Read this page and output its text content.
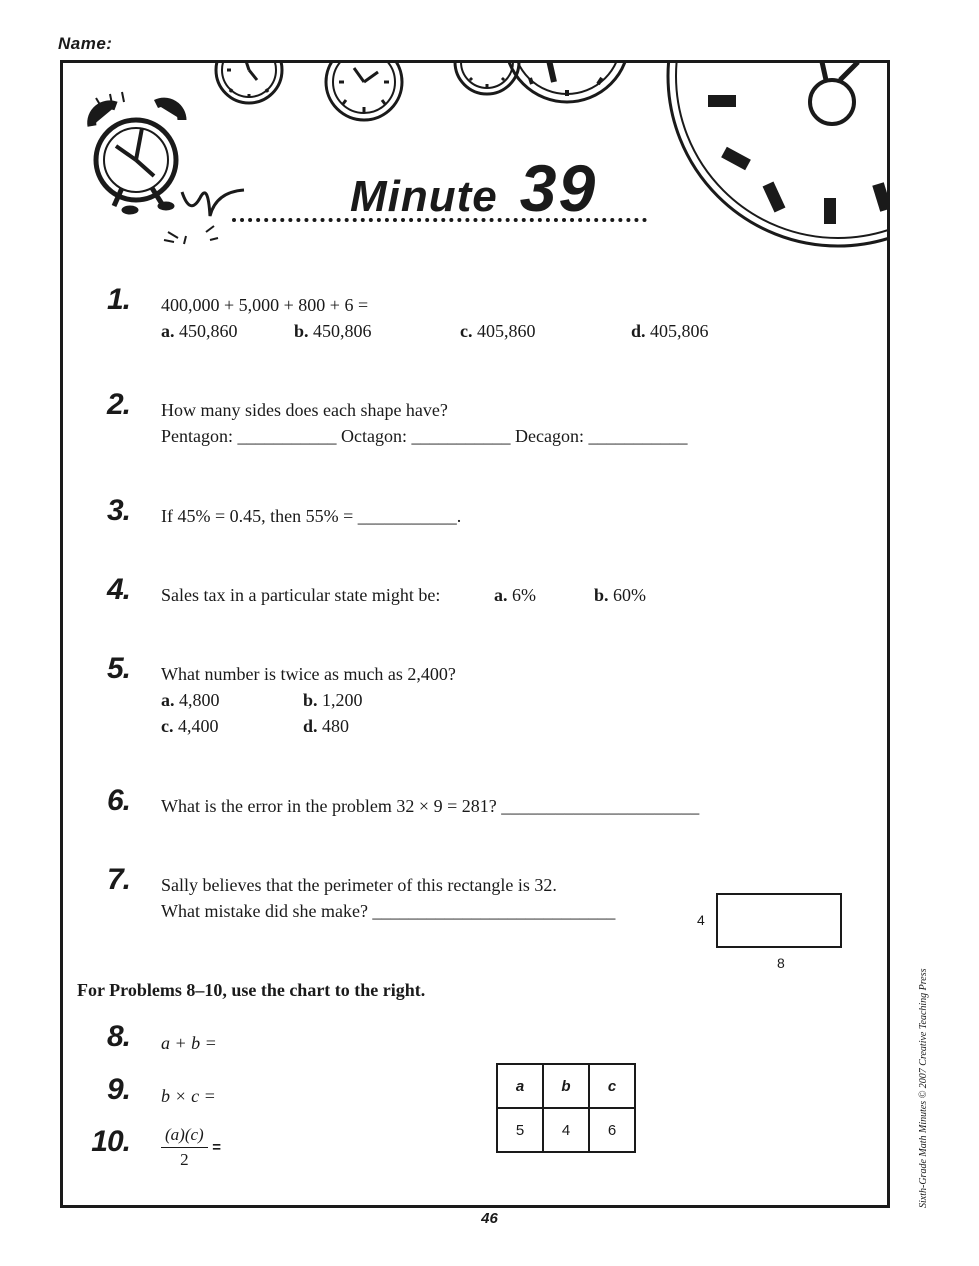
Name:
Minute 39
1. 400,000 + 5,000 + 800 + 6 =
a. 450,860	b. 450,806	c. 405,860	d. 405,806
2. How many sides does each shape have?
Pentagon: ___________ Octagon: ___________ Decagon: ___________
3. If 45% = 0.45, then 55% = ___________.
4. Sales tax in a particular state might be:	a. 6%	b. 60%
5. What number is twice as much as 2,400?
a. 4,800	b. 1,200
c. 4,400	d. 480
6. What is the error in the problem 32 × 9 = 281? ______________________
7. Sally believes that the perimeter of this rectangle is 32.
What mistake did she make? ___________________________	4
8
For Problems 8–10, use the chart to the right.
8. a + b =
9. b × c =
10. $\frac{(a)(c)}{2}$ =
a	b	c
5	4	6
46
Sixth-Grade Math Minutes © 2007 Creative Teaching Press
